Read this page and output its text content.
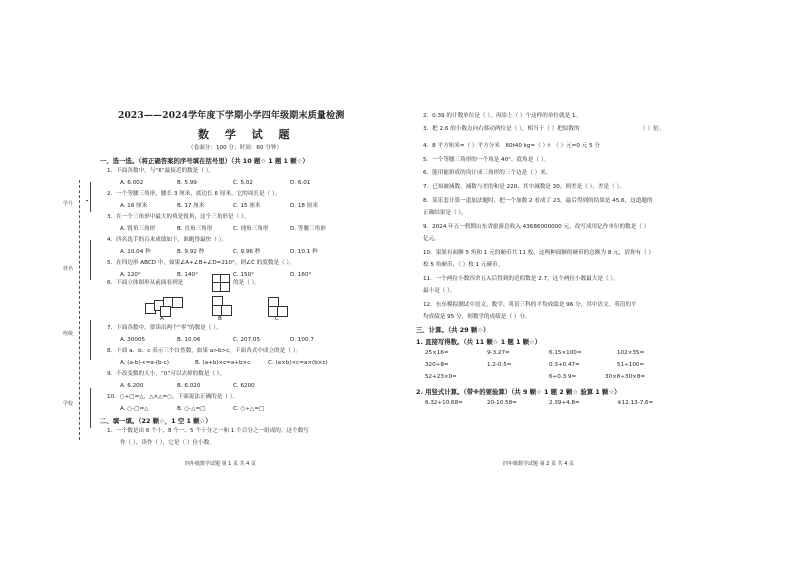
学号
姓名
班级
学校
2023——2024学年度下学期小学四年级期末质量检测
数 学 试 题
（卷面分：100 分；时间：60 分钟）
一、选一选。（将正确答案的序号填在括号里）（共 10 题☆ 1 题 1 颗☆）
1．下面各数中，与“6”最接近的数是（ ）。
A. 6.002	B. 5.99	C. 5.02	D. 6.01
2．一个等腰三角形，腰长 3 厘米，底边长 6 厘米，它的周长是（ ）。
A. 16 厘米	B. 17 厘米	C. 15 厘米	D. 18 厘米
3．在一个三角形中最大的角是锐角，这个三角形是（ ）。
A. 锐角三角形	B. 直角三角形	C. 钝角三角形	D. 等腰三角形
4．四名选手的百米成绩如下，谁跑得最快（ ）。
A. 10.04 秒	B. 9.92 秒	C. 9.96 秒	D. 10.1 秒
5．在四边形 ABCD 中，如果∠A+∠B+∠D=210°，则∠C 的度数是（ ）。
A. 120°	B. 140°	C. 150°	D. 160°
6．下面立体图形从前面看到是	的是（ ）。
A	B	C
7．下面各数中，要读出两个“零”的数是（ ）。
A. 30005	B. 10.06	C. 207.05	D. 100.7
8．下面 a、b、c 表示三个自然数，如果 a>b>c，下面各式中成立的是（ ）。
A. (a-b)-c=a-(b-c)	B. (a+b)×c=a+b×c	C. (a×b)×c=a×(b×c)
9．不改变数的大小，“0”可以去掉的数是（ ）。
A. 6.200	B. 6.020	C. 6200
10．○+□=△，△×△=○，下面说法正确的是（ ）。
A. ○-□=△	B. ○-△=□	C. ○÷△=□
二、填一填。（22 颗☆，1 空 1 颗☆）
1．一个数是由 6 个十、8 个一、5 个十分之一和 1 个百分之一组成的，这个数写
作（ ），读作（ ），它是（ ）位小数。
四年级数学试题 第 1 页 共 4 页
2．0.39 的计数单位是（ ），再添上（ ）个这样的单位就是 1。
3．把 2.6 的小数点向右移动两位是（ ），相当于（ ）把原数的	（ ）倍。
4．8 平方厘米=（ ）平方分米　60t40 kg=（ ）t　（ ）元=0 元 5 分
5．一个等腰三角形的一个角是 40°，底角是（ ）。
6．能用能拼成的设计成三角形的三个边是（ ）米。
7．已知被减数、减数与差的和是 220，其中减数是 30，则差是（ ），差是（ ）。
8．某乐套计算一道加法题时，把一个加数 2 看成了 23，最后得到的结果是 45.6，这道题的
正确结果是（ ）。
9．2024 年五一假期山东省旅游总收入 43686000000 元，改写成用亿作单位的数是（ ）
亿元。
10．果果有面额 5 角和 1 元的硬币共 11 枚，这两种面额的硬币的总额为 8 元，请你有（ ）
枚 5 角硬币，（ ）枚 1 元硬币。
11．一个两位小数四舍五入后得到的近似数是 2.7，这个两位小数最大是（ ），
最小是（ ）。
12．东东模拟测试中语文、数学、英语三科的平均成绩是 96 分，其中语文、英语的平
均成绩是 95 分，则数学的成绩是（ ）分。
三、计算。（共 29 颗☆）
1. 直接写得数。（共 11 颗☆ 1 题 1 颗☆）
25×16=	9-3.27=	6.15×100=	102×35=
320÷8=	1.2-0.5=	0.3+0.47=	51÷100=
52+23×0=	6÷0.3.9=	30×8÷30×8=
2. 用竖式计算。（带※的要验算）（共 9 颗☆ 1 题 2 颗☆ 验算 1 颗☆）
6.32+10.68=	20-10.58=	2.39+4.8=	※12.13-7.6=
四年级数学试题 第 2 页 共 4 页
